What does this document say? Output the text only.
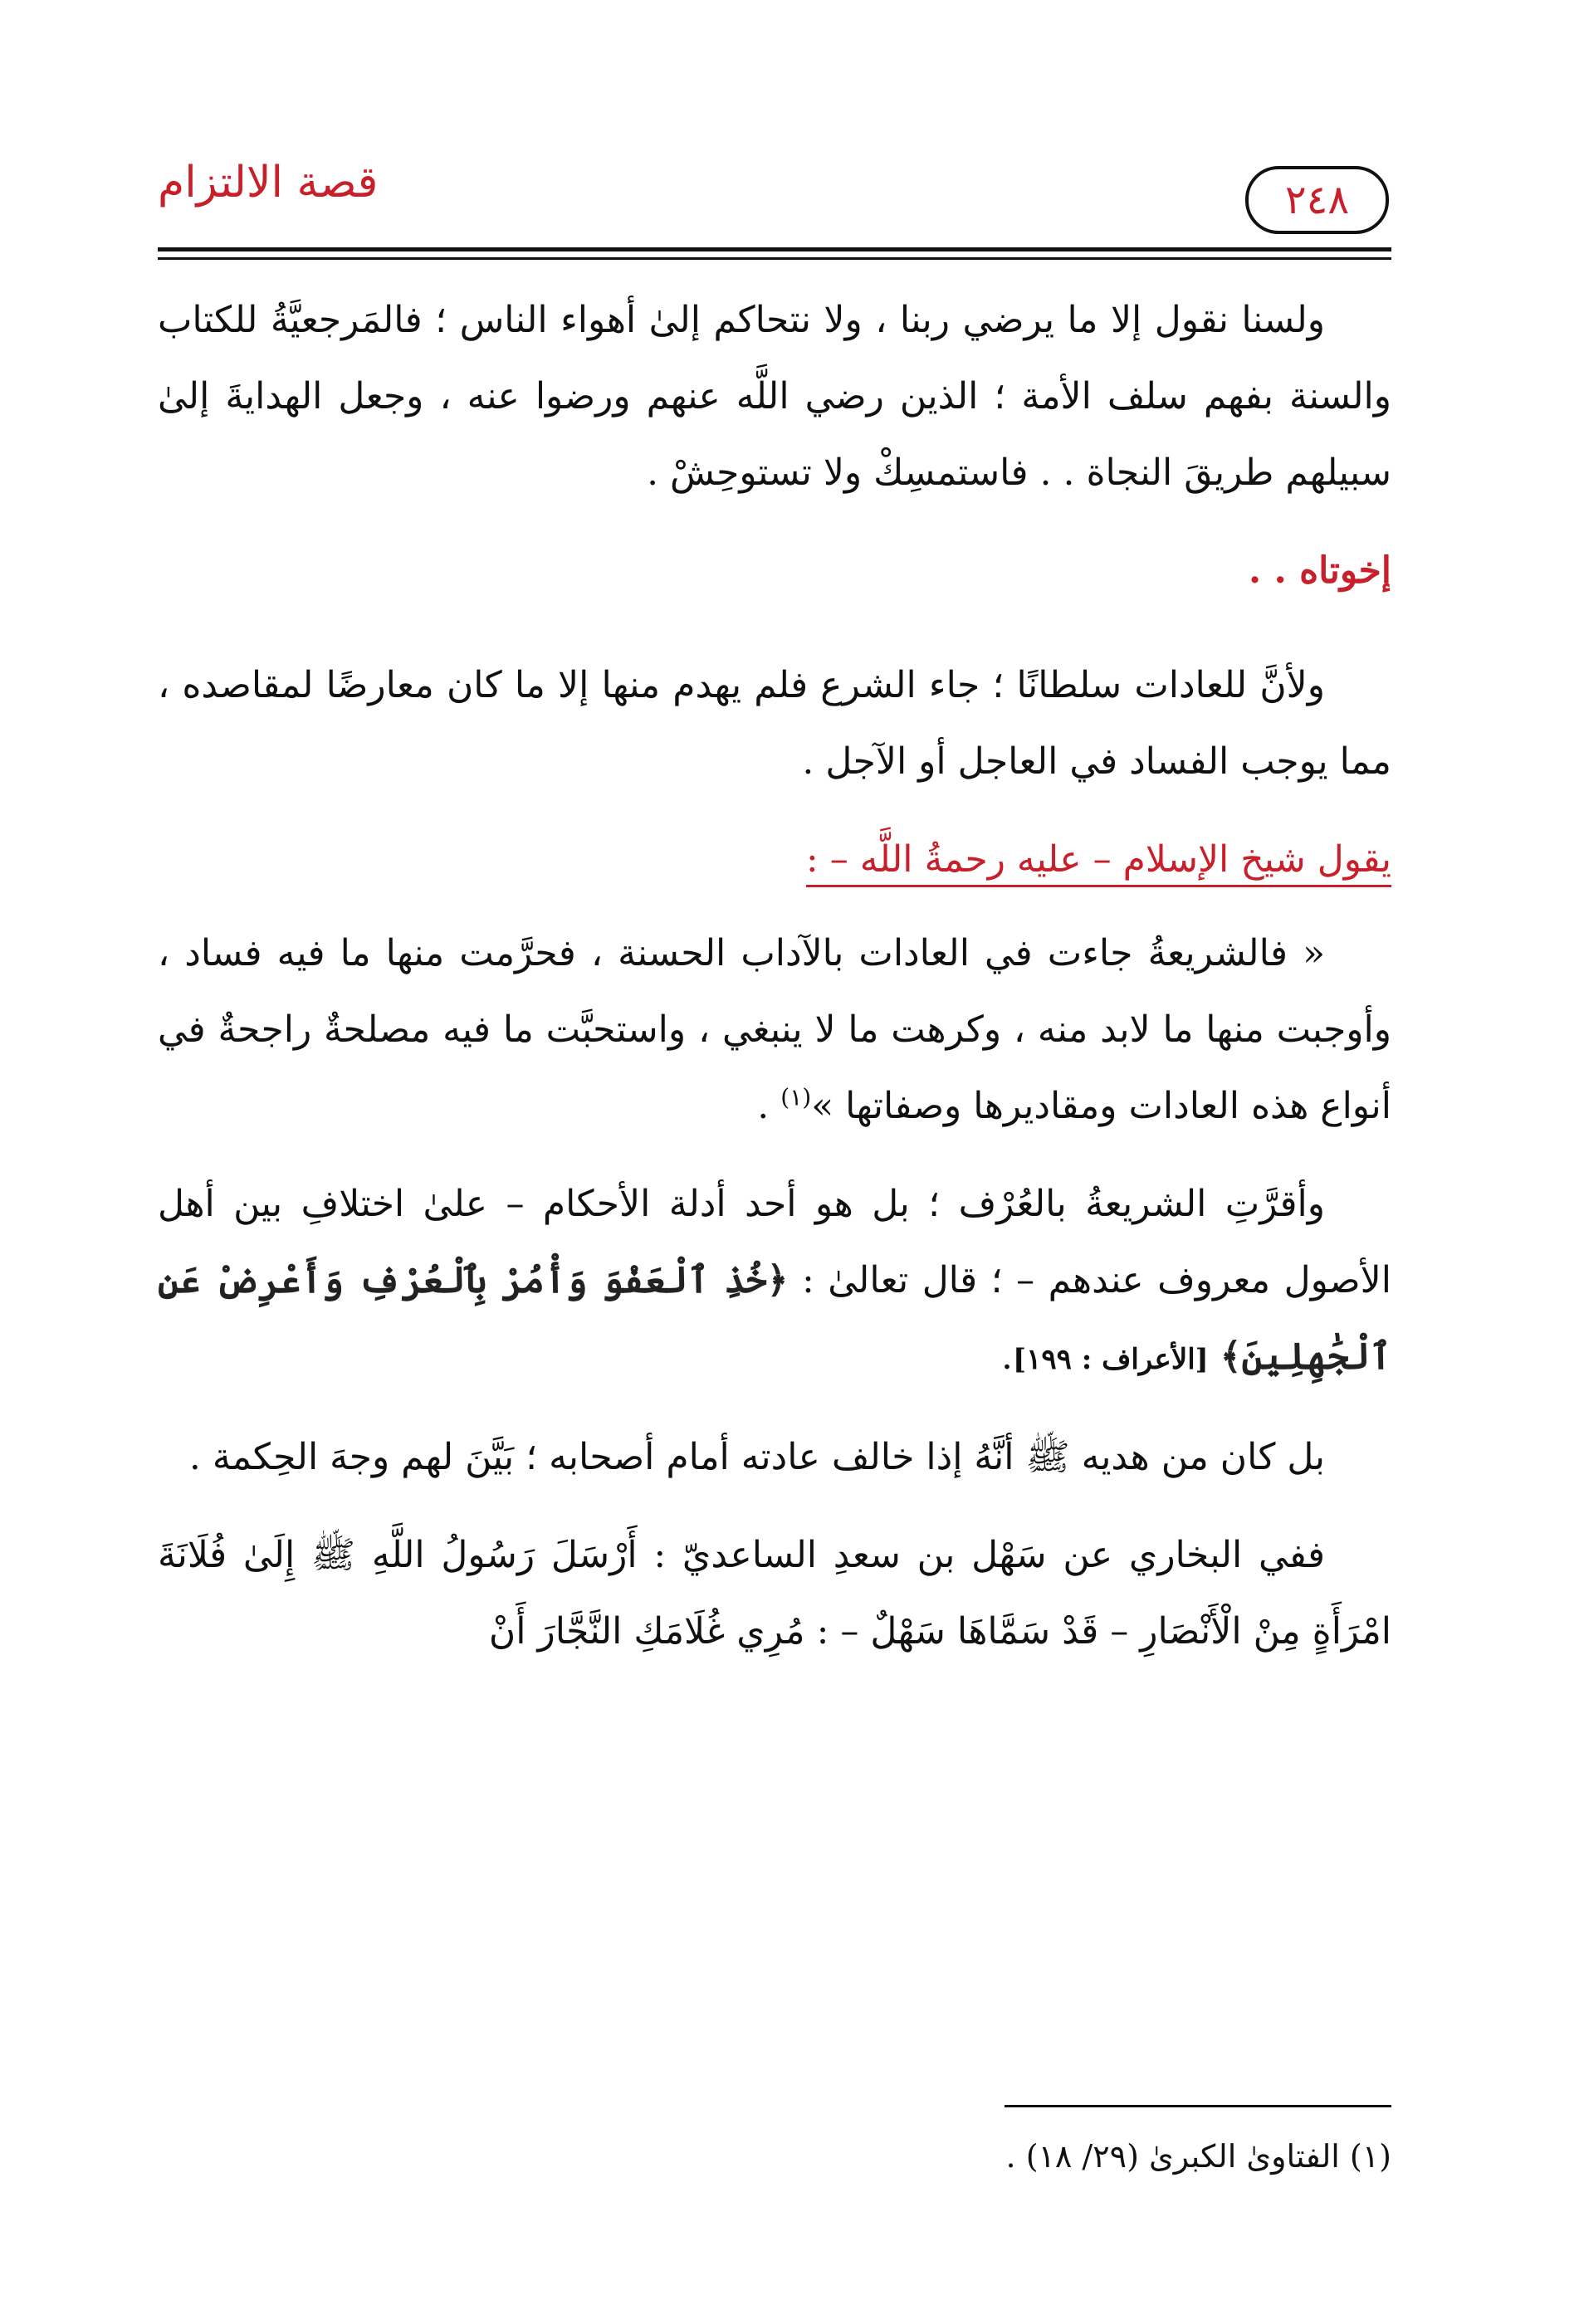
قصة الالتزام	٢٤٨

ولسنا نقول إلا ما يرضي ربنا ، ولا نتحاكم إلىٰ أهواء الناس ؛ فالمَرجعيَّةُ للكتاب والسنة بفهم سلف الأمة ؛ الذين رضي اللَّه عنهم ورضوا عنه ، وجعل الهدايةَ إلىٰ سبيلهم طريقَ النجاة . . فاستمسِكْ ولا تستوحِشْ .

إخوتاه . .

ولأنَّ للعادات سلطانًا ؛ جاء الشرع فلم يهدم منها إلا ما كان معارضًا لمقاصده ، مما يوجب الفساد في العاجل أو الآجل .

يقول شيخ الإسلام – عليه رحمةُ اللَّه – :

« فالشريعةُ جاءت في العادات بالآداب الحسنة ، فحرَّمت منها ما فيه فساد ، وأوجبت منها ما لابد منه ، وكرهت ما لا ينبغي ، واستحبَّت ما فيه مصلحةٌ راجحةٌ في أنواع هذه العادات ومقاديرها وصفاتها »$^{(١)}$ .

وأقرَّتِ الشريعةُ بالعُرْف ؛ بل هو أحد أدلة الأحكام – علىٰ اختلافِ بين أهل الأصول معروف عندهم – ؛ قال تعالىٰ : ﴿خُذِ ٱلْعَفْوَ وَأْمُرْ بِٱلْعُرْفِ وَأَعْرِضْ عَنِ ٱلْجَٰهِلِينَ﴾ [الأعراف : ١٩٩].

بل كان من هديه ﷺ أنَّهُ إذا خالف عادته أمام أصحابه ؛ بَيَّنَ لهم وجهَ الحِكمة .

ففي البخاري عن سَهْل بن سعدِ الساعديّ : أَرْسَلَ رَسُولُ اللَّهِ ﷺ إِلَىٰ فُلَانَةَ امْرَأَةٍ مِنْ الْأَنْصَارِ – قَدْ سَمَّاهَا سَهْلٌ – : مُرِي غُلَامَكِ النَّجَّارَ أَنْ

(١) الفتاوىٰ الكبرىٰ (٢٩/ ١٨) .
